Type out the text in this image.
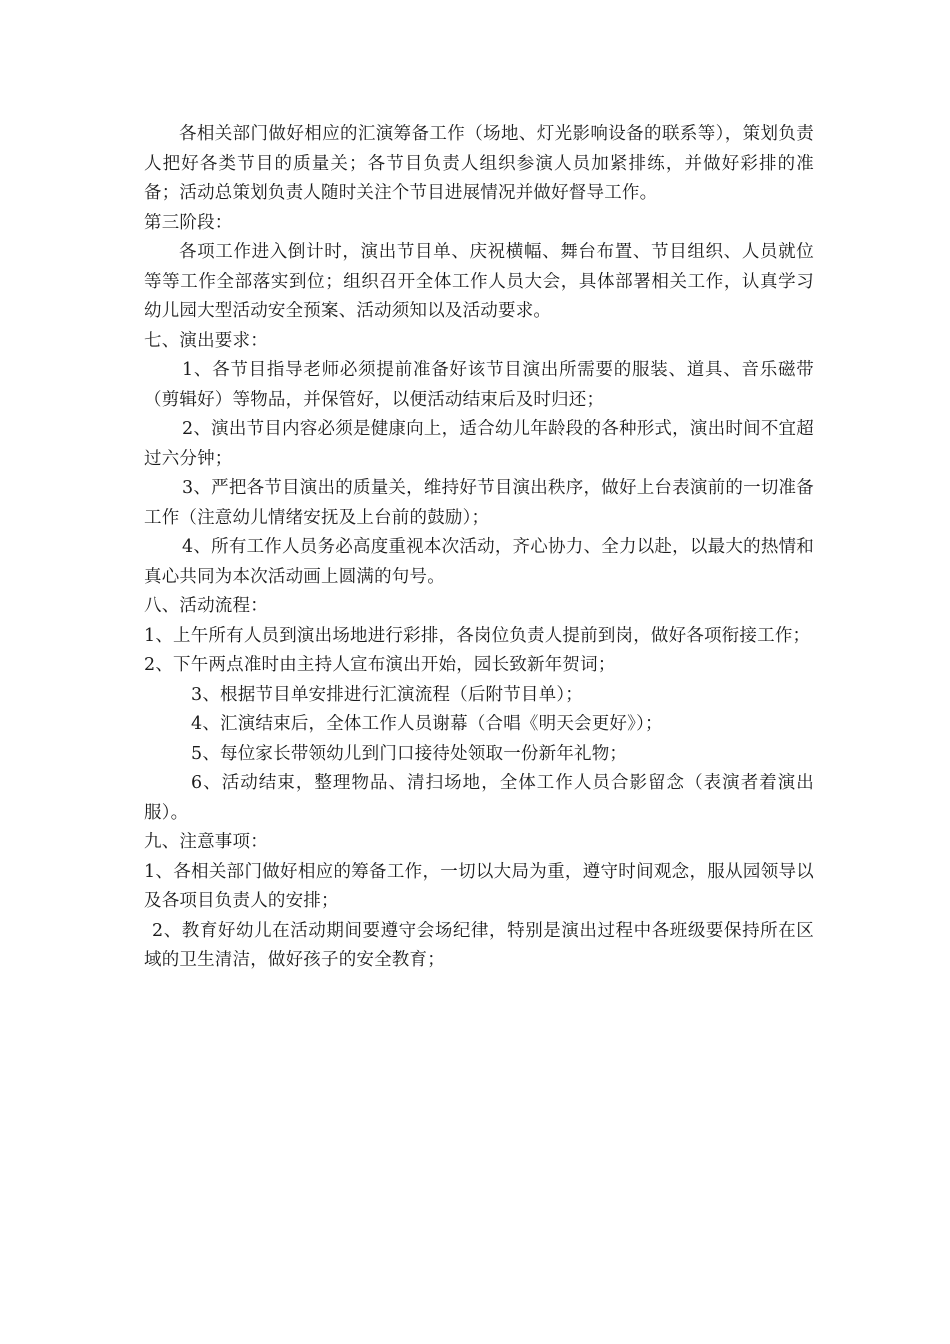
各相关部门做好相应的汇演筹备工作（场地、灯光影响设备的联系等），策划负责人把好各类节目的质量关；各节目负责人组织参演人员加紧排练，并做好彩排的准备；活动总策划负责人随时关注个节目进展情况并做好督导工作。

第三阶段：

各项工作进入倒计时，演出节目单、庆祝横幅、舞台布置、节目组织、人员就位等等工作全部落实到位；组织召开全体工作人员大会，具体部署相关工作，认真学习幼儿园大型活动安全预案、活动须知以及活动要求。

七、演出要求：

1、各节目指导老师必须提前准备好该节目演出所需要的服装、道具、音乐磁带（剪辑好）等物品，并保管好，以便活动结束后及时归还；

2、演出节目内容必须是健康向上，适合幼儿年龄段的各种形式，演出时间不宜超过六分钟；

3、严把各节目演出的质量关，维持好节目演出秩序，做好上台表演前的一切准备工作（注意幼儿情绪安抚及上台前的鼓励）；

4、所有工作人员务必高度重视本次活动，齐心协力、全力以赴，以最大的热情和真心共同为本次活动画上圆满的句号。

八、活动流程：

1、上午所有人员到演出场地进行彩排，各岗位负责人提前到岗，做好各项衔接工作；

2、下午两点准时由主持人宣布演出开始，园长致新年贺词；

3、根据节目单安排进行汇演流程（后附节目单）；

4、汇演结束后，全体工作人员谢幕（合唱《明天会更好》）；

5、每位家长带领幼儿到门口接待处领取一份新年礼物；

6、活动结束，整理物品、清扫场地，全体工作人员合影留念（表演者着演出服）。

九、注意事项：

1、各相关部门做好相应的筹备工作，一切以大局为重，遵守时间观念，服从园领导以及各项目负责人的安排；

2、教育好幼儿在活动期间要遵守会场纪律，特别是演出过程中各班级要保持所在区域的卫生清洁，做好孩子的安全教育；
